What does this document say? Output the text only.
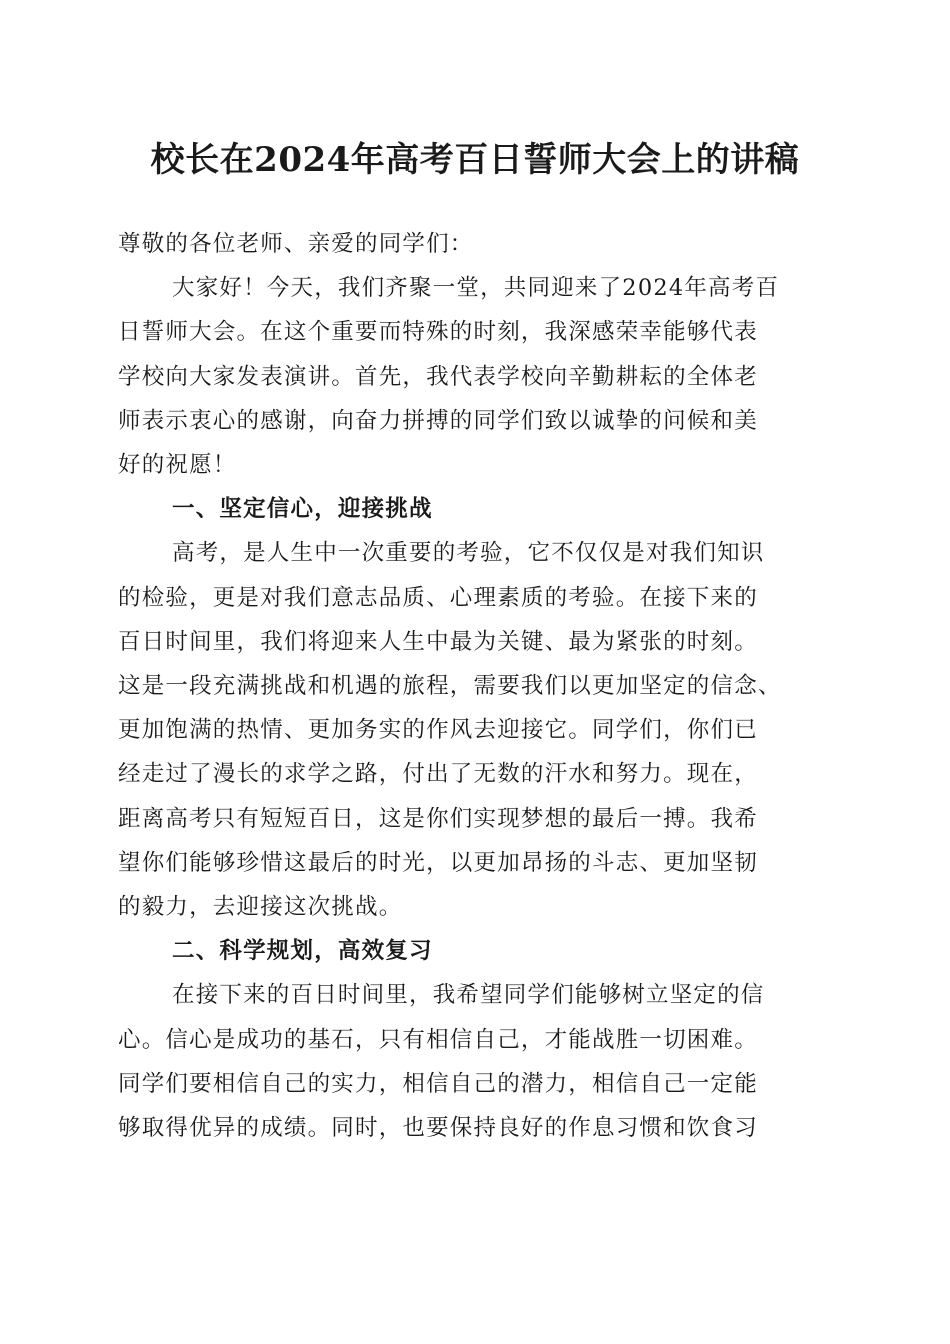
校长在2024年高考百日誓师大会上的讲稿

尊敬的各位老师、亲爱的同学们：

大家好！今天，我们齐聚一堂，共同迎来了2024年高考百
日誓师大会。在这个重要而特殊的时刻，我深感荣幸能够代表
学校向大家发表演讲。首先，我代表学校向辛勤耕耘的全体老
师表示衷心的感谢，向奋力拼搏的同学们致以诚挚的问候和美
好的祝愿！

一、坚定信心，迎接挑战

高考，是人生中一次重要的考验，它不仅仅是对我们知识
的检验，更是对我们意志品质、心理素质的考验。在接下来的
百日时间里，我们将迎来人生中最为关键、最为紧张的时刻。
这是一段充满挑战和机遇的旅程，需要我们以更加坚定的信念、
更加饱满的热情、更加务实的作风去迎接它。同学们，你们已
经走过了漫长的求学之路，付出了无数的汗水和努力。现在，
距离高考只有短短百日，这是你们实现梦想的最后一搏。我希
望你们能够珍惜这最后的时光，以更加昂扬的斗志、更加坚韧
的毅力，去迎接这次挑战。

二、科学规划，高效复习

在接下来的百日时间里，我希望同学们能够树立坚定的信
心。信心是成功的基石，只有相信自己，才能战胜一切困难。
同学们要相信自己的实力，相信自己的潜力，相信自己一定能
够取得优异的成绩。同时，也要保持良好的作息习惯和饮食习
